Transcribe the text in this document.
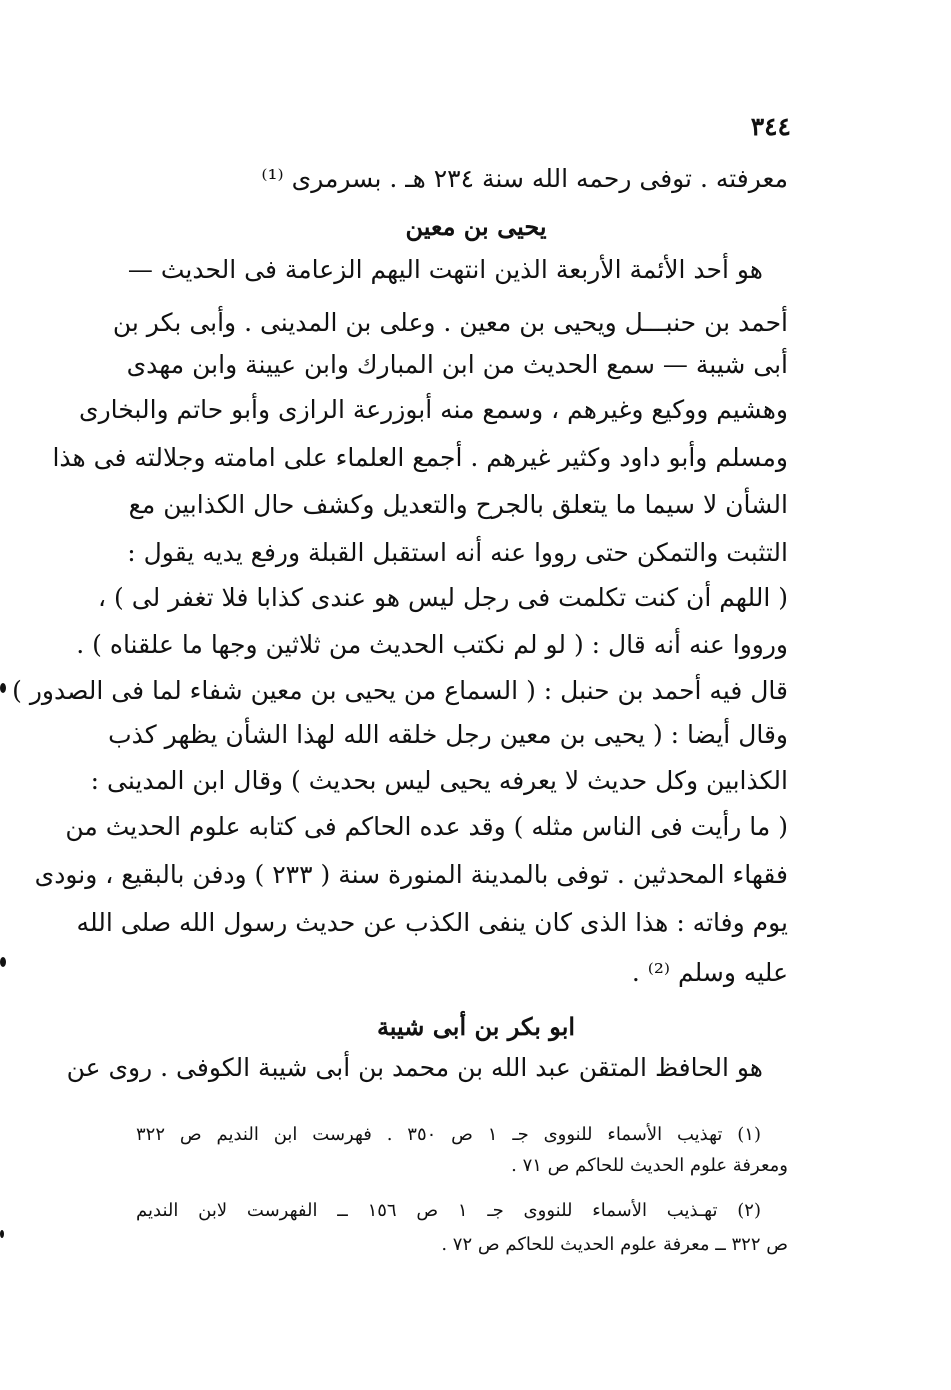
٣٤٤
معرفته . توفى رحمه الله سنة ٢٣٤ هـ . بسرمرى ⁽¹⁾
يحيى بن معين
هو أحد الأئمة الأربعة الذين انتهت اليهم الزعامة فى الحديث —
أحمد بن حنبـــل ويحيى بن معين . وعلى بن المدينى . وأبى بكر بن
أبى شيبة — سمع الحديث من ابن المبارك وابن عيينة وابن مهدى
وهشيم ووكيع وغيرهم ، وسمع منه أبوزرعة الرازى وأبو حاتم والبخارى
ومسلم وأبو داود وكثير غيرهم . أجمع العلماء على امامته وجلالته فى هذا
الشأن لا سيما ما يتعلق بالجرح والتعديل وكشف حال الكذابين مع
التثبت والتمكن حتى رووا عنه أنه استقبل القبلة ورفع يديه يقول :
( اللهم أن كنت تكلمت فى رجل ليس هو عندى كذابا فلا تغفر لى ) ،
ورووا عنه أنه قال : ( لو لم نكتب الحديث من ثلاثين وجها ما علقناه ) .
قال فيه أحمد بن حنبل : ( السماع من يحيى بن معين شفاء لما فى الصدور )
وقال أيضا : ( يحيى بن معين رجل خلقه الله لهذا الشأن يظهر كذب
الكذابين وكل حديث لا يعرفه يحيى ليس بحديث ) وقال ابن المدينى :
( ما رأيت فى الناس مثله ) وقد عده الحاكم فى كتابه علوم الحديث من
فقهاء المحدثين . توفى بالمدينة المنورة سنة ( ٢٣٣ ) ودفن بالبقيع ، ونودى
يوم وفاته : هذا الذى كان ينفى الكذب عن حديث رسول الله صلى الله
عليه وسلم ⁽²⁾ .
ابو بكر بن أبى شيبة
هو الحافظ المتقن عبد الله بن محمد بن أبى شيبة الكوفى . روى عن
(١) تهذيب الأسماء للنووى جـ ١ ص ٣٥٠ . فهرست ابن النديم ص ٣٢٢
ومعرفة علوم الحديث للحاكم ص ٧١ .
(٢) تهـذيب الأسماء للنووى جـ ١ ص ١٥٦ ــ الفهرست لابن النديم
ص ٣٢٢ ــ معرفة علوم الحديث للحاكم ص ٧٢ .
